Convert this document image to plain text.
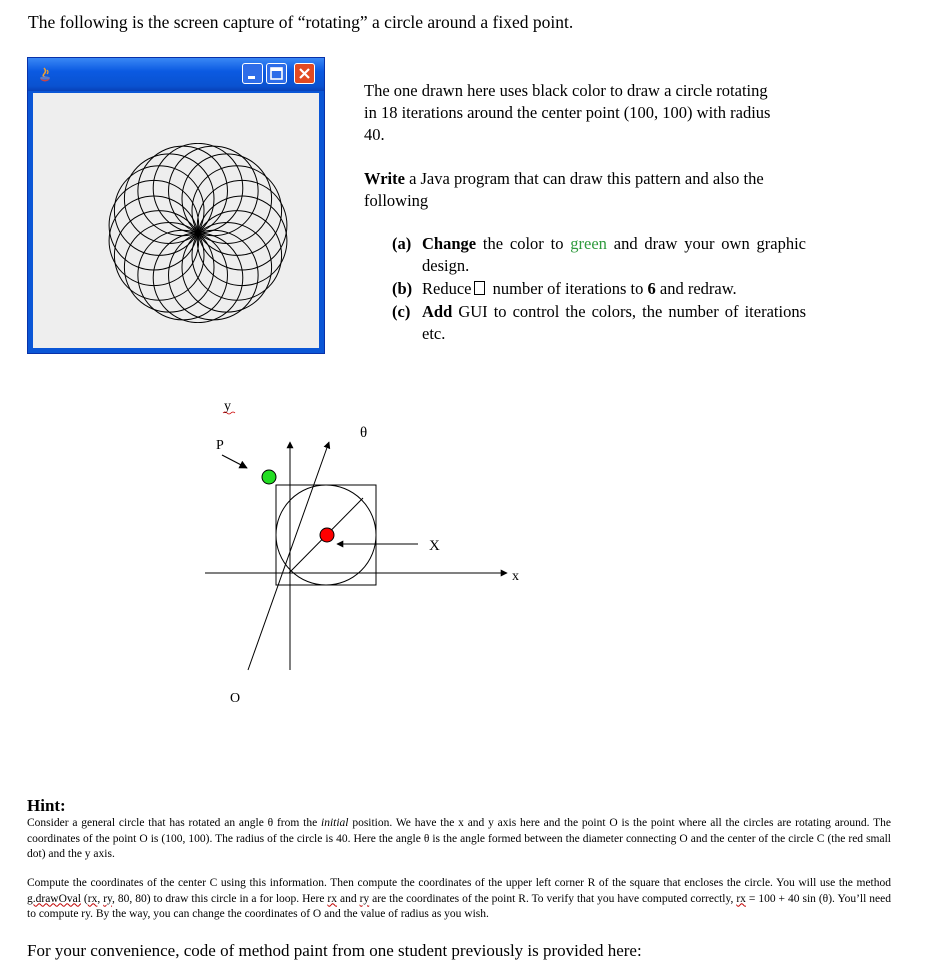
The following is the screen capture of “rotating” a circle around a fixed point.
The one drawn here uses black color to draw a circle rotating in 18 iterations around the center point (100, 100) with radius 40.
Write a Java program that can draw this pattern and also the following
(a) Change the color to green and draw your own graphic design.
(b) Reduce number of iterations to 6 and redraw.
(c) Add GUI to control the colors, the number of iterations etc.
y
P
x
θ
X
O
Hint:
Consider a general circle that has rotated an angle θ from the initial position. We have the x and y axis here and the point O is the point where all the circles are rotating around. The coordinates of the point O is (100, 100). The radius of the circle is 40. Here the angle θ is the angle formed between the diameter connecting O and the center of the circle C (the red small dot) and the y axis.
Compute the coordinates of the center C using this information. Then compute the coordinates of the upper left corner R of the square that encloses the circle. You will use the method g.drawOval (rx, ry, 80, 80) to draw this circle in a for loop. Here rx and ry are the coordinates of the point R. To verify that you have computed correctly, rx = 100 + 40 sin (θ). You’ll need to compute ry. By the way, you can change the coordinates of O and the value of radius as you wish.
For your convenience, code of method paint from one student previously is provided here:
